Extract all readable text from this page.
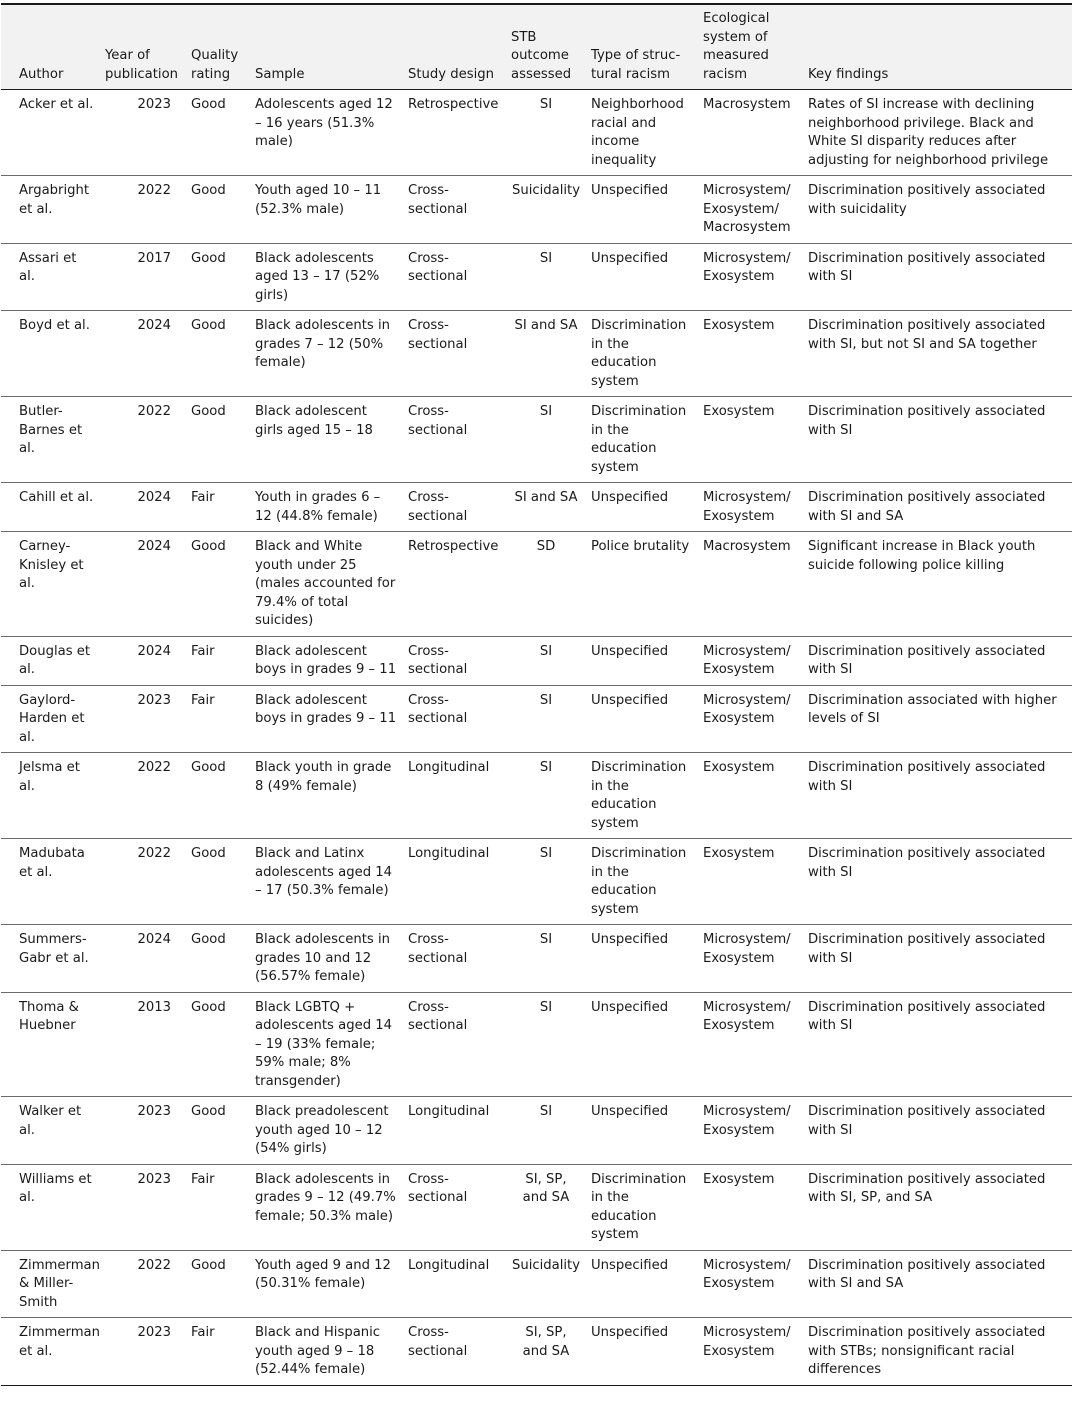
Author	Year of publication	Quality rating	Sample	Study design	STB outcome assessed	Type of struc-tural racism	Ecological system of measured racism	Key findings
Acker et al.	2023	Good	Adolescents aged 12 – 16 years (51.3% male)	Retrospective	SI	Neighborhood racial and income inequality	Macrosystem	Rates of SI increase with declining neighborhood privilege. Black and White SI disparity reduces after adjusting for neighborhood privilege
Argabright et al.	2022	Good	Youth aged 10 – 11 (52.3% male)	Cross-sectional	Suicidality	Unspecified	Microsystem/ Exosystem/ Macrosystem	Discrimination positively associated with suicidality
Assari et al.	2017	Good	Black adolescents aged 13 – 17 (52% girls)	Cross-sectional	SI	Unspecified	Microsystem/ Exosystem	Discrimination positively associated with SI
Boyd et al.	2024	Good	Black adolescents in grades 7 – 12 (50% female)	Cross-sectional	SI and SA	Discrimination in the education system	Exosystem	Discrimination positively associated with SI, but not SI and SA together
Butler-Barnes et al.	2022	Good	Black adolescent girls aged 15 – 18	Cross-sectional	SI	Discrimination in the education system	Exosystem	Discrimination positively associated with SI
Cahill et al.	2024	Fair	Youth in grades 6 – 12 (44.8% female)	Cross-sectional	SI and SA	Unspecified	Microsystem/ Exosystem	Discrimination positively associated with SI and SA
Carney-Knisley et al.	2024	Good	Black and White youth under 25 (males accounted for 79.4% of total suicides)	Retrospective	SD	Police brutality	Macrosystem	Significant increase in Black youth suicide following police killing
Douglas et al.	2024	Fair	Black adolescent boys in grades 9 – 11	Cross-sectional	SI	Unspecified	Microsystem/ Exosystem	Discrimination positively associated with SI
Gaylord-Harden et al.	2023	Fair	Black adolescent boys in grades 9 – 11	Cross-sectional	SI	Unspecified	Microsystem/ Exosystem	Discrimination associated with higher levels of SI
Jelsma et al.	2022	Good	Black youth in grade 8 (49% female)	Longitudinal	SI	Discrimination in the education system	Exosystem	Discrimination positively associated with SI
Madubata et al.	2022	Good	Black and Latinx adolescents aged 14 – 17 (50.3% female)	Longitudinal	SI	Discrimination in the education system	Exosystem	Discrimination positively associated with SI
Summers-Gabr et al.	2024	Good	Black adolescents in grades 10 and 12 (56.57% female)	Cross-sectional	SI	Unspecified	Microsystem/ Exosystem	Discrimination positively associated with SI
Thoma & Huebner	2013	Good	Black LGBTQ + adolescents aged 14 – 19 (33% female; 59% male; 8% transgender)	Cross-sectional	SI	Unspecified	Microsystem/ Exosystem	Discrimination positively associated with SI
Walker et al.	2023	Good	Black preadolescent youth aged 10 – 12 (54% girls)	Longitudinal	SI	Unspecified	Microsystem/ Exosystem	Discrimination positively associated with SI
Williams et al.	2023	Fair	Black adolescents in grades 9 – 12 (49.7% female; 50.3% male)	Cross-sectional	SI, SP, and SA	Discrimination in the education system	Exosystem	Discrimination positively associated with SI, SP, and SA
Zimmerman & Miller-Smith	2022	Good	Youth aged 9 and 12 (50.31% female)	Longitudinal	Suicidality	Unspecified	Microsystem/ Exosystem	Discrimination positively associated with SI and SA
Zimmerman et al.	2023	Fair	Black and Hispanic youth aged 9 – 18 (52.44% female)	Cross-sectional	SI, SP, and SA	Unspecified	Microsystem/ Exosystem	Discrimination positively associated with STBs; nonsignificant racial differences
